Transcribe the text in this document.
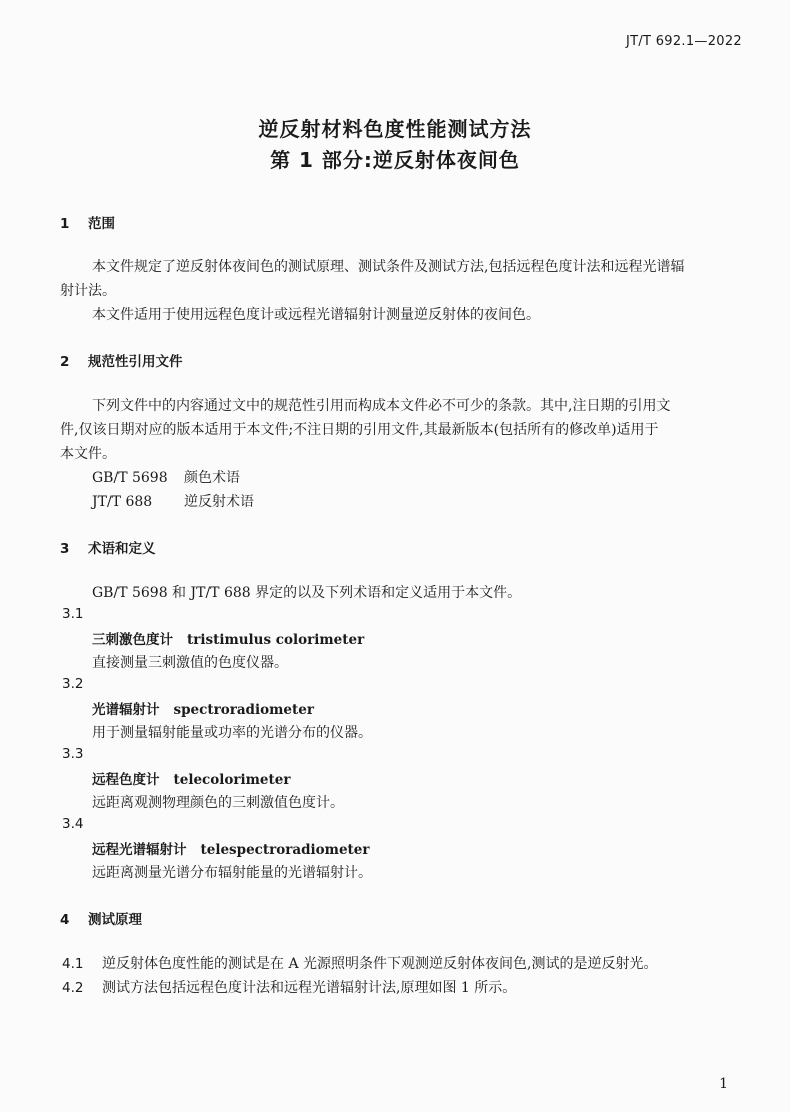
JT/T 692.1—2022
逆反射材料色度性能测试方法
第 1 部分:逆反射体夜间色
1 范围
本文件规定了逆反射体夜间色的测试原理、测试条件及测试方法,包括远程色度计法和远程光谱辐
射计法。
本文件适用于使用远程色度计或远程光谱辐射计测量逆反射体的夜间色。
2 规范性引用文件
下列文件中的内容通过文中的规范性引用而构成本文件必不可少的条款。其中,注日期的引用文
件,仅该日期对应的版本适用于本文件;不注日期的引用文件,其最新版本(包括所有的修改单)适用于
本文件。
GB/T 5698 颜色术语
JT/T 688 逆反射术语
3 术语和定义
GB/T 5698 和 JT/T 688 界定的以及下列术语和定义适用于本文件。
3.1
三刺激色度计 tristimulus colorimeter
直接测量三刺激值的色度仪器。
3.2
光谱辐射计 spectroradiometer
用于测量辐射能量或功率的光谱分布的仪器。
3.3
远程色度计 telecolorimeter
远距离观测物理颜色的三刺激值色度计。
3.4
远程光谱辐射计 telespectroradiometer
远距离测量光谱分布辐射能量的光谱辐射计。
4 测试原理
4.1 逆反射体色度性能的测试是在 A 光源照明条件下观测逆反射体夜间色,测试的是逆反射光。
4.2 测试方法包括远程色度计法和远程光谱辐射计法,原理如图 1 所示。
1
